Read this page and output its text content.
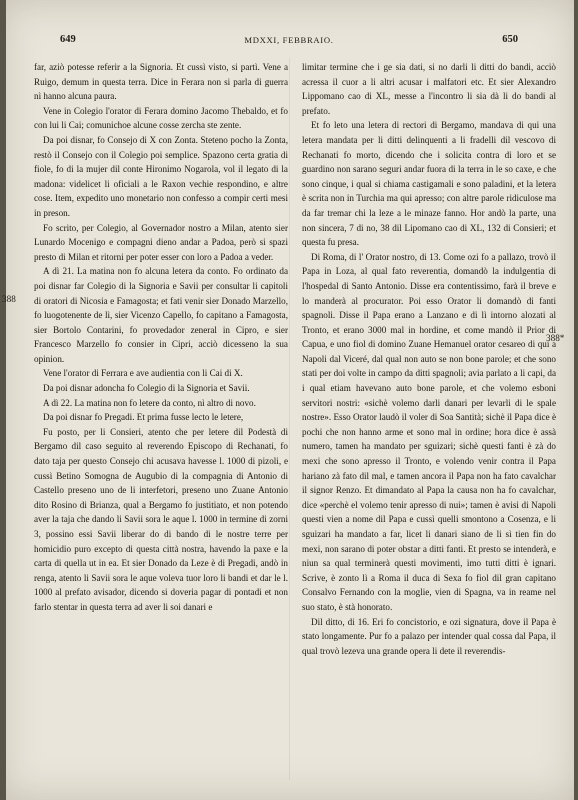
649	MDXXI, FEBBRAIO.	650
388
388*

far, aziò potesse referir a la Signoria. Et cussì visto, si partì. Vene a Ruigo, demum in questa terra. Dice in Ferara non si parla di guerra nì hanno alcuna paura.

Vene in Colegio l'orator di Ferara domino Jacomo Thebaldo, et fo con lui li Cai; comunichoe alcune cosse zercha ste zente.

Da poi disnar, fo Consejo di X con Zonta. Steteno pocho la Zonta, restò il Consejo con il Colegio poi semplice. Spazono certa gratia di fiole, fo di la mujer dil conte Hironimo Nogarola, vol il legato di la madona: videlicet li oficiali a le Raxon vechie respondino, e altre cose. Item, expedito uno monetario non confesso a compir certi mesi in preson.

Fo scrito, per Colegio, al Governador nostro a Milan, atento sier Lunardo Mocenigo e compagni dieno andar a Padoa, però si spazi presto di Milan et ritorni per poter esser con loro a Padoa a veder.

A dì 21. La matina non fo alcuna letera da conto. Fo ordinato da poi disnar far Colegio di la Signoria e Savii per consultar li capitoli di oratori di Nicosia e Famagosta; et fati venir sier Donado Marzello, fo luogotenente de lì, sier Vicenzo Capello, fo capitano a Famagosta, sier Bortolo Contarini, fo provedador zeneral in Cipro, e sier Francesco Marzello fo consier in Cipri, acciò dicesseno la sua opinion.

Vene l'orator di Ferrara e ave audientia con li Cai di X.

Da poi disnar adoncha fo Colegio di la Signoria et Savii.

A dì 22. La matina non fo letere da conto, nì altro di novo.

Da poi disnar fo Pregadi. Et prima fusse lecto le letere,

Fu posto, per li Consieri, atento che per letere dil Podestà di Bergamo dil caso seguito al reverendo Episcopo di Rechanati, fo dato taja per questo Consejo chi acusava havesse l. 1000 di pizoli, e cussì Betino Somogna de Augubio di la compagnia di Antonio di Castello preseno uno de li interfetori, preseno uno Zuane Antonio dito Rosino di Brianza, qual a Bergamo fo justitiato, et non potendo aver la taja che dando li Savii sora le aque l. 1000 in termine di zorni 3, possino essi Savii liberar do di bando di le nostre terre per homicidio puro excepto di questa città nostra, havendo la paxe e la carta di quella ut in ea. Et sier Donado da Leze è di Pregadi, andò in renga, atento li Savii sora le aque voleva tuor loro li bandi et dar le l. 1000 al prefato avisador, dicendo si doveria pagar di pontadi et non farlo stentar in questa terra ad aver li soi danari e

limitar termine che i ge sia dati, si no darli li ditti do bandi, acciò acressa il cuor a li altri acusar i malfatori etc. Et sier Alexandro Lippomano cao di XL, messe a l'incontro li sia dà li do bandi al prefato.

Et fo leto una letera di rectori di Bergamo, mandava di qui una letera mandata per li ditti delinquenti a li fradelli dil vescovo di Rechanati fo morto, dicendo che i solicita contra di loro et se guardino non sarano seguri andar fuora di la terra in le so caxe, e che sono cinque, i qual si chiama castigamali e sono paladini, et la letera è scrita non in Turchia ma qui apresso; con altre parole ridiculose ma da far tremar chi la leze a le minaze fanno. Hor andò la parte, una non sincera, 7 di no, 38 dil Lipomano cao di XL, 132 di Consieri; et questa fu presa.

Di Roma, di l' Orator nostro, di 13. Come ozi fo a pallazo, trovò il Papa in Loza, al qual fato reverentia, domandò la indulgentia di l'hospedal di Santo Antonio. Disse era contentissimo, farà il breve e lo manderà al procurator. Poi esso Orator li domandò di fanti spagnoli. Disse il Papa erano a Lanzano e di lì intorno alozati al Tronto, et erano 3000 mal in hordine, et come mandò il Prior di Capua, e uno fiol di domino Zuane Hemanuel orator cesareo di qui a Napoli dal Viceré, dal qual non auto se non bone parole; et che sono stati per doi volte in campo da ditti spagnoli; avia parlato a li capi, da i qual etiam havevano auto bone parole, et che volemo esboni servitori nostri: «sichè volemo darli danari per levarli di le spale nostre». Esso Orator laudò il voler di Soa Santità; sichè il Papa dice è pochi che non hanno arme et sono mal in ordine; hora dice è assà numero, tamen ha mandato per sguizari; sichè questi fanti è zà do mexi che sono apresso il Tronto, e volendo venir contra il Papa hariano zà fato dil mal, e tamen ancora il Papa non ha fato cavalchar il signor Renzo. Et dimandato al Papa la causa non ha fo cavalchar, dice «perchè el volemo tenir apresso di nui»; tamen è avisi di Napoli questi vien a nome dil Papa e cussì quelli smontono a Cosenza, e li sguizari ha mandato a far, licet li danari siano de li sì tien fin do mexi, non sarano di poter obstar a ditti fanti. Et presto se intenderà, e niun sa qual terminerà questi movimenti, imo tutti ditti è ignari. Scrive, è zonto lì a Roma il duca di Sexa fo fiol dil gran capitano Consalvo Fernando con la moglie, vien di Spagna, va in reame nel suo stato, è stà honorato.

Dil ditto, di 16. Eri fo concistorio, e ozi signatura, dove il Papa è stato longamente. Pur fo a palazo per intender qual cossa dal Papa, il qual trovò lezeva una grande opera li dete il reverendis-
